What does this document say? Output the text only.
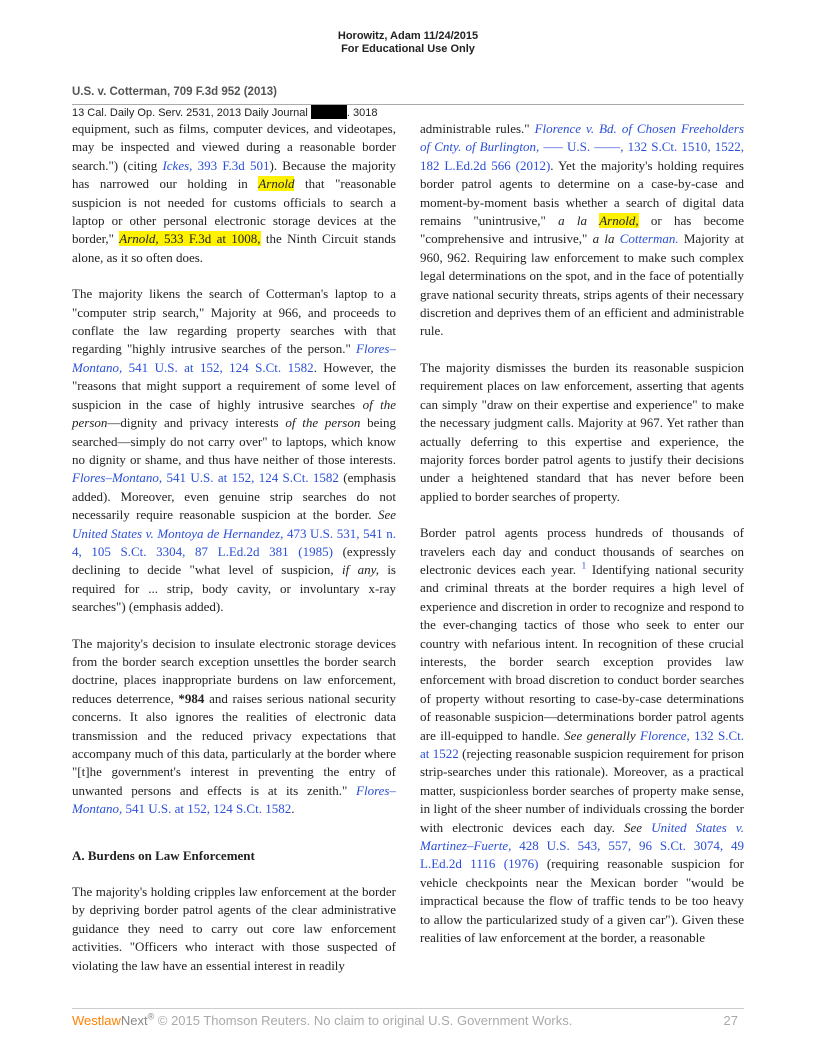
Horowitz, Adam 11/24/2015
For Educational Use Only
U.S. v. Cotterman, 709 F.3d 952 (2013)
13 Cal. Daily Op. Serv. 2531, 2013 Daily Journal	. 3018

equipment, such as films, computer devices, and videotapes, may be inspected and viewed during a reasonable border search.") (citing Ickes, 393 F.3d 501). Because the majority has narrowed our holding in Arnold that "reasonable suspicion is not needed for customs officials to search a laptop or other personal electronic storage devices at the border," Arnold, 533 F.3d at 1008, the Ninth Circuit stands alone, as it so often does.

The majority likens the search of Cotterman's laptop to a "computer strip search," Majority at 966, and proceeds to conflate the law regarding property searches with that regarding "highly intrusive searches of the person." Flores–Montano, 541 U.S. at 152, 124 S.Ct. 1582. However, the "reasons that might support a requirement of some level of suspicion in the case of highly intrusive searches of the person—dignity and privacy interests of the person being searched—simply do not carry over" to laptops, which know no dignity or shame, and thus have neither of those interests. Flores–Montano, 541 U.S. at 152, 124 S.Ct. 1582 (emphasis added). Moreover, even genuine strip searches do not necessarily require reasonable suspicion at the border. See United States v. Montoya de Hernandez, 473 U.S. 531, 541 n. 4, 105 S.Ct. 3304, 87 L.Ed.2d 381 (1985) (expressly declining to decide "what level of suspicion, if any, is required for ... strip, body cavity, or involuntary x-ray searches") (emphasis added).

The majority's decision to insulate electronic storage devices from the border search exception unsettles the border search doctrine, places inappropriate burdens on law enforcement, reduces deterrence, *984 and raises serious national security concerns. It also ignores the realities of electronic data transmission and the reduced privacy expectations that accompany much of this data, particularly at the border where "[t]he government's interest in preventing the entry of unwanted persons and effects is at its zenith." Flores–Montano, 541 U.S. at 152, 124 S.Ct. 1582.

A. Burdens on Law Enforcement

The majority's holding cripples law enforcement at the border by depriving border patrol agents of the clear administrative guidance they need to carry out core law enforcement activities. "Officers who interact with those suspected of violating the law have an essential interest in readily

administrable rules." Florence v. Bd. of Chosen Freeholders of Cnty. of Burlington, ––– U.S. ––––, 132 S.Ct. 1510, 1522, 182 L.Ed.2d 566 (2012). Yet the majority's holding requires border patrol agents to determine on a case-by-case and moment-by-moment basis whether a search of digital data remains "unintrusive," a la Arnold, or has become "comprehensive and intrusive," a la Cotterman. Majority at 960, 962. Requiring law enforcement to make such complex legal determinations on the spot, and in the face of potentially grave national security threats, strips agents of their necessary discretion and deprives them of an efficient and administrable rule.

The majority dismisses the burden its reasonable suspicion requirement places on law enforcement, asserting that agents can simply "draw on their expertise and experience" to make the necessary judgment calls. Majority at 967. Yet rather than actually deferring to this expertise and experience, the majority forces border patrol agents to justify their decisions under a heightened standard that has never before been applied to border searches of property.

Border patrol agents process hundreds of thousands of travelers each day and conduct thousands of searches on electronic devices each year. $^1$ Identifying national security and criminal threats at the border requires a high level of experience and discretion in order to recognize and respond to the ever-changing tactics of those who seek to enter our country with nefarious intent. In recognition of these crucial interests, the border search exception provides law enforcement with broad discretion to conduct border searches of property without resorting to case-by-case determinations of reasonable suspicion—determinations border patrol agents are ill-equipped to handle. See generally Florence, 132 S.Ct. at 1522 (rejecting reasonable suspicion requirement for prison strip-searches under this rationale). Moreover, as a practical matter, suspicionless border searches of property make sense, in light of the sheer number of individuals crossing the border with electronic devices each day. See United States v. Martinez–Fuerte, 428 U.S. 543, 557, 96 S.Ct. 3074, 49 L.Ed.2d 1116 (1976) (requiring reasonable suspicion for vehicle checkpoints near the Mexican border "would be impractical because the flow of traffic tends to be too heavy to allow the particularized study of a given car"). Given these realities of law enforcement at the border, a reasonable

WestlawNext® © 2015 Thomson Reuters. No claim to original U.S. Government Works.	27
